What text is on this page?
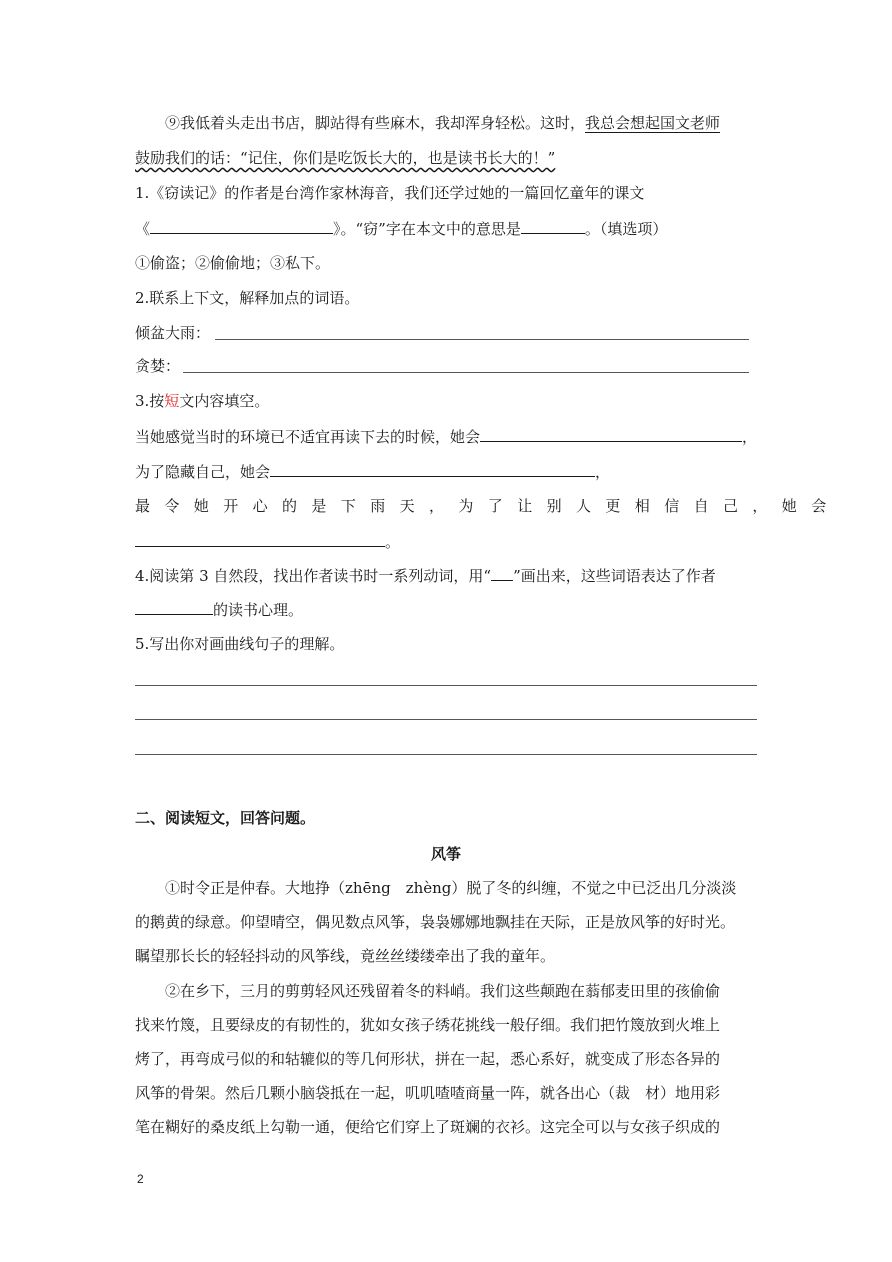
⑨我低着头走出书店，脚站得有些麻木，我却浑身轻松。这时，我总会想起国文老师
鼓励我们的话：“记住，你们是吃饭长大的，也是读书长大的！”
1.《窃读记》的作者是台湾作家林海音，我们还学过她的一篇回忆童年的课文
《	》。“窃”字在本文中的意思是	。（填选项）
①偷盗；②偷偷地；③私下。
2.联系上下文，解释加点的词语。
倾盆大雨：
贪婪：
3.按短文内容填空。
当她感觉当时的环境已不适宜再读下去的时候，她会	，
为了隐藏自己，她会	，
最令她开心的是下雨天，为了让别人更相信自己，她会
。
4.阅读第 3 自然段，找出作者读书时一系列动词，用“ ”画出来，这些词语表达了作者
的读书心理。
5.写出你对画曲线句子的理解。
二、阅读短文，回答问题。
风筝
①时令正是仲春。大地挣（zhēng　zhèng）脱了冬的纠缠，不觉之中已泛出几分淡淡
的鹅黄的绿意。仰望晴空，偶见数点风筝，袅袅娜娜地飘挂在天际，正是放风筝的好时光。
瞩望那长长的轻轻抖动的风筝线，竟丝丝缕缕牵出了我的童年。
②在乡下，三月的剪剪轻风还残留着冬的料峭。我们这些颠跑在蓊郁麦田里的孩偷偷
找来竹篾，且要绿皮的有韧性的，犹如女孩子绣花挑线一般仔细。我们把竹篾放到火堆上
烤了，再弯成弓似的和轱辘似的等几何形状，拼在一起，悉心系好，就变成了形态各异的
风筝的骨架。然后几颗小脑袋抵在一起，叽叽喳喳商量一阵，就各出心（裁　材）地用彩
笔在糊好的桑皮纸上勾勒一通，便给它们穿上了斑斓的衣衫。这完全可以与女孩子织成的
2
